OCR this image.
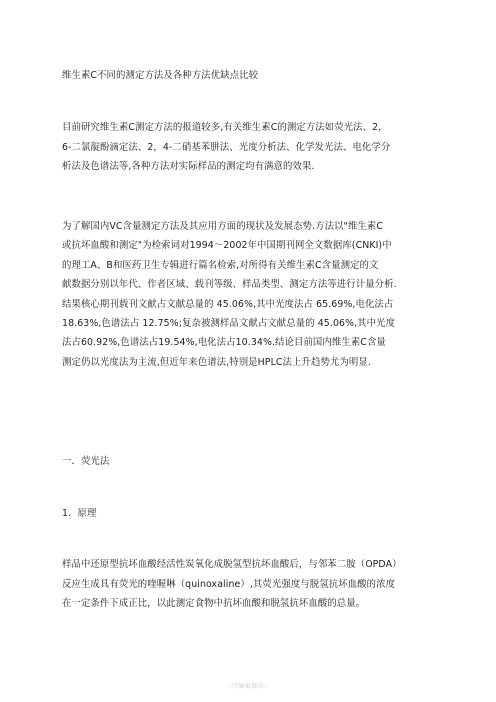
维生素C不同的测定方法及各种方法优缺点比较
目前研究维生素C测定方法的报道较多,有关维生素C的测定方法如荧光法、2，
6-二氯靛酚滴定法、2，4-二硝基苯肼法、光度分析法、化学发光法、电化学分
析法及色谱法等,各种方法对实际样品的测定均有满意的效果.
为了解国内VC含量测定方法及其应用方面的现状及发展态势.方法以"维生素C
或抗坏血酸和测定"为检索词对1994～2002年中国期刊网全文数据库(CNKI)中
的理工A、B和医药卫生专辑进行篇名检索,对所得有关维生素C含量测定的文
献数据分别以年代、作者区域、载刊等级、样品类型、测定方法等进行计量分析.
结果核心期刊载刊文献占文献总量的 45.06%,其中光度法占 65.69%,电化法占
18.63%,色谱法占 12.75%;复杂被测样品文献占文献总量的 45.06%,其中光度
法占60.92%,色谱法占19.54%,电化法占10.34%.结论目前国内维生素C含量
测定仍以光度法为主流,但近年来色谱法,特别是HPLC法上升趋势尤为明显.
一．荧光法
1．原理
样品中还原型抗坏血酸经活性炭氧化成脱氢型抗坏血酸后，与邻苯二胺（OPDA）
反应生成具有荧光的喹喔啉（quinoxaline）,其荧光强度与脱氢抗坏血酸的浓度
在一定条件下成正比，以此测定食物中抗坏血酸和脱氢抗坏血酸的总量。
-可编辑修改-
